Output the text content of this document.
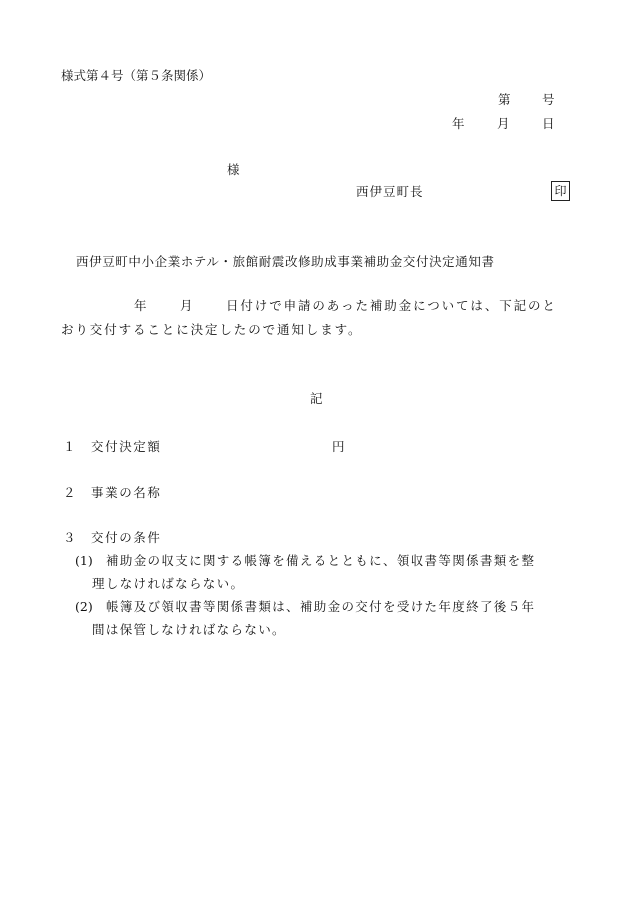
様式第４号（第５条関係）
第	号
年	月	日
様
西伊豆町長	印
西伊豆町中小企業ホテル・旅館耐震改修助成事業補助金交付決定通知書
年	月	日付けで申請のあった補助金については、下記のと
おり交付することに決定したので通知します。
記
１ 交付決定額	円
２ 事業の名称
３ 交付の条件
(1) 補助金の収支に関する帳簿を備えるとともに、領収書等関係書類を整
理しなければならない。
(2) 帳簿及び領収書等関係書類は、補助金の交付を受けた年度終了後５年
間は保管しなければならない。
